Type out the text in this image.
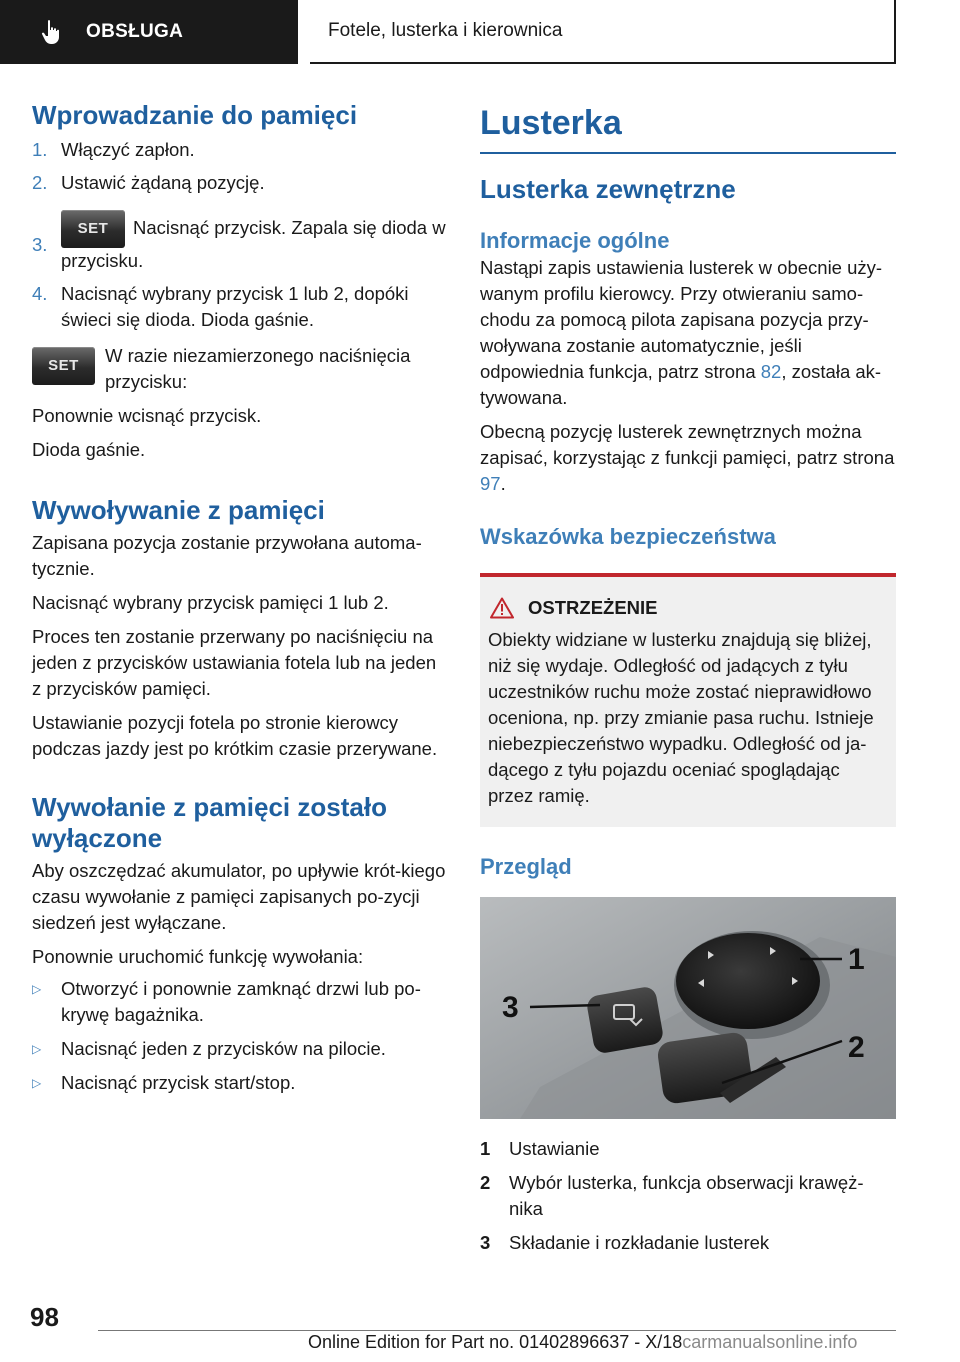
OBSŁUGA	Fotele, lusterka i kierownica
Wprowadzanie do pamięci
1. Włączyć zapłon.
2. Ustawić żądaną pozycję.
3.
SET Nacisnąć przycisk. Zapala się dioda w przycisku.
4. Nacisnąć wybrany przycisk 1 lub 2, dopóki świeci się dioda. Dioda gaśnie.
SET	W razie niezamierzonego naciśnięcia przycisku:

Ponownie wcisnąć przycisk.

Dioda gaśnie.

Wywoływanie z pamięci

Zapisana pozycja zostanie przywołana automa-tycznie.

Nacisnąć wybrany przycisk pamięci 1 lub 2.

Proces ten zostanie przerwany po naciśnięciu na jeden z przycisków ustawiania fotela lub na jeden z przycisków pamięci.

Ustawianie pozycji fotela po stronie kierowcy podczas jazdy jest po krótkim czasie przerywane.

Wywołanie z pamięci zostało wyłączone

Aby oszczędzać akumulator, po upływie krót-kiego czasu wywołanie z pamięci zapisanych po-zycji siedzeń jest wyłączane.

Ponownie uruchomić funkcję wywołania:

▷ Otworzyć i ponownie zamknąć drzwi lub po-krywę bagażnika.
▷ Nacisnąć jeden z przycisków na pilocie.
▷ Nacisnąć przycisk start/stop.
Lusterka
Lusterka zewnętrzne
Informacje ogólne

Nastąpi zapis ustawienia lusterek w obecnie uży-wanym profilu kierowcy. Przy otwieraniu samo-chodu za pomocą pilota zapisana pozycja przy-woływana zostanie automatycznie, jeśli odpowiednia funkcja, patrz strona 82, została ak-tywowana.

Obecną pozycję lusterek zewnętrznych można zapisać, korzystając z funkcji pamięci, patrz strona 97.

Wskazówka bezpieczeństwa
OSTRZEŻENIE

Obiekty widziane w lusterku znajdują się bliżej, niż się wydaje. Odległość od jadących z tyłu uczestników ruchu może zostać nieprawidłowo oceniona, np. przy zmianie pasa ruchu. Istnieje niebezpieczeństwo wypadku. Odległość od ja-dącego z tyłu pojazdu oceniać spoglądając przez ramię.

Przegląd
1
2
3
1 Ustawianie
2 Wybór lusterka, funkcja obserwacji krawęż-nika
3 Składanie i rozkładanie lusterek
98
Online Edition for Part no. 01402896637 - X/18carmanualsonline.info
